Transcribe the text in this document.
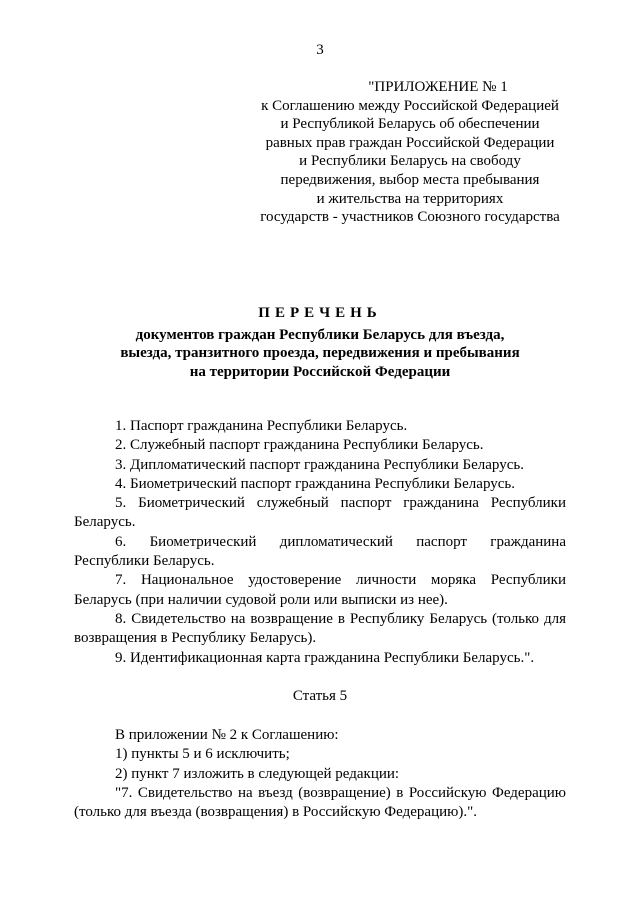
3
"ПРИЛОЖЕНИЕ № 1
к Соглашению между Российской Федерацией
и Республикой Беларусь об обеспечении
равных прав граждан Российской Федерации
и Республики Беларусь на свободу
передвижения, выбор места пребывания
и жительства на территориях
государств - участников Союзного государства
ПЕРЕЧЕНЬ
документов граждан Республики Беларусь для въезда,
выезда, транзитного проезда, передвижения и пребывания
на территории Российской Федерации

1. Паспорт гражданина Республики Беларусь.

2. Служебный паспорт гражданина Республики Беларусь.

3. Дипломатический паспорт гражданина Республики Беларусь.

4. Биометрический паспорт гражданина Республики Беларусь.

5. Биометрический служебный паспорт гражданина Республики Беларусь.

6. Биометрический дипломатический паспорт гражданина Республики Беларусь.

7. Национальное удостоверение личности моряка Республики Беларусь (при наличии судовой роли или выписки из нее).

8. Свидетельство на возвращение в Республику Беларусь (только для возвращения в Республику Беларусь).

9. Идентификационная карта гражданина Республики Беларусь.".

Статья 5

В приложении № 2 к Соглашению:

1) пункты 5 и 6 исключить;

2) пункт 7 изложить в следующей редакции:

"7. Свидетельство на въезд (возвращение) в Российскую Федерацию (только для въезда (возвращения) в Российскую Федерацию).".
